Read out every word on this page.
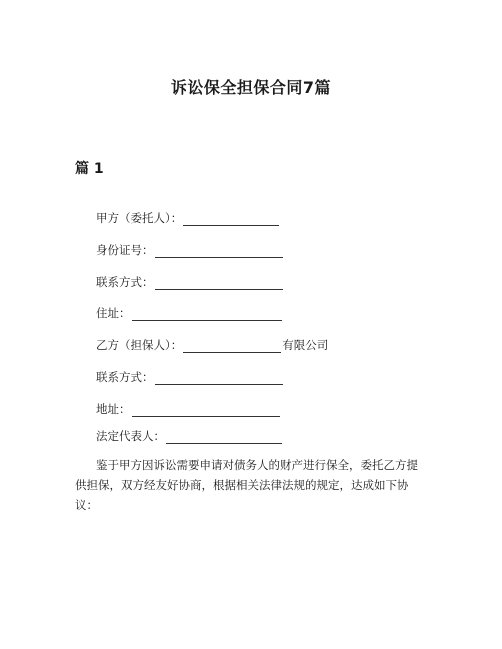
诉讼保全担保合同7篇
篇 1
甲方（委托人）：
身份证号：
联系方式：
住址：
乙方（担保人）：	有限公司
联系方式：
地址：
法定代表人：
鉴于甲方因诉讼需要申请对债务人的财产进行保全，委托乙方提供担保，双方经友好协商，根据相关法律法规的规定，达成如下协议：
